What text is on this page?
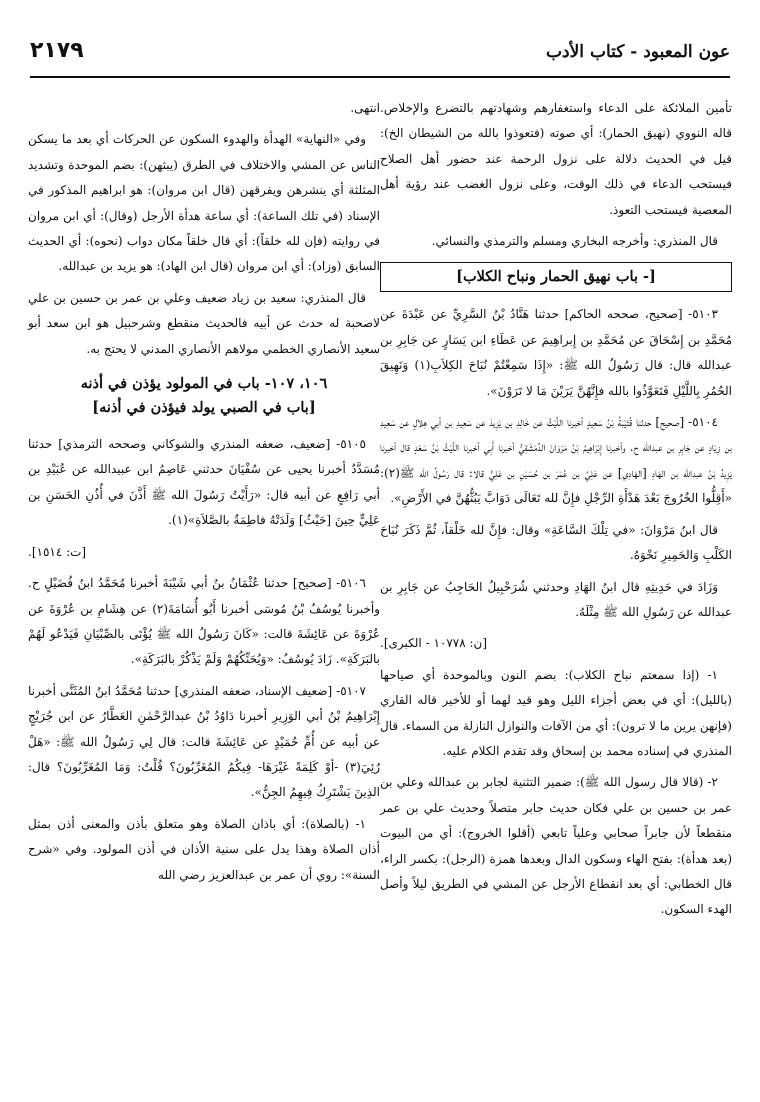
عون المعبود - كتاب الأدب
٢١٧٩

تأمين الملائكة على الدعاء واستغفارهم وشهادتهم بالتضرع والإخلاص. قاله النووي (نهيق الحمار): أي صوته (فتعوذوا بالله من الشيطان الخ): قيل في الحديث دلالة على نزول الرحمة عند حضور أهل الصلاح فيستحب الدعاء في ذلك الوقت، وعلى نزول الغضب عند رؤية أهل المعصية فيستحب التعوذ.

قال المنذري: وأخرجه البخاري ومسلم والترمذي والنسائي.

[- باب نهيق الحمار ونباح الكلاب]

٥١٠٣- [صحيح، صححه الحاكم] حدثنا هَنَّادُ بْنُ السَّرِيِّ عن عَبْدَةَ عن مُحَمَّدِ بن إِسْحَاقَ عن مُحَمَّدِ بن إِبراهِيمَ عن عَطَاءِ ابن يَسَارٍ عن جَابِرِ بن عبدالله قال: قال رَسُولُ الله ﷺ: «إِذَا سَمِعْتُمْ نُبَاحَ الكِلاَبِ(١) وَنَهِيقَ الحُمُرِ بِاللَّيْلِ فَتَعَوَّذُوا بالله فإِنَّهُنَّ يَرَيْنَ مَا لا تَرَوْنَ».

٥١٠٤- [صحيح] حدثنا قُتَيْبَةُ بْنُ سَعِيدٍ أخبرنا اللَّيْثُ عن خَالِدِ بن يَزِيدَ عن سَعِيدِ بن أبي هِلاَلٍ عن سَعِيدِ بن زِيَادٍ عن جَابِرِ بن عبدالله ح. وأخبرنا إِبْرَاهِيمُ بْنُ مَرْوَانَ الدِّمَشْقِيُّ أخبرنا أَبِي أخبرنا اللَّيْثُ بْنُ سَعْدٍ قال أخبرنا يَزِيدُ بْنُ عبدالله بن الهَادِ [الهَادِي] عن عَلِيِّ بن عُمَرَ بن حُسَيْنِ بن عَلِيٍّ قالا: قال رَسُولُ الله ﷺ(٢): «أَقِلُّوا الخُرُوجَ بَعْدَ هَدْأَةِ الرِّجْلِ فإِنَّ لله تَعَالَى دَوَابَّ يَبُثُّهُنَّ في الأَرْضِ».

قال ابنُ مَرْوَانَ: «في تِلْكَ السَّاعَةِ» وقال: فإِنَّ لله خَلْقاً، ثُمَّ ذَكَرَ نُبَاحَ الكَلْبِ وَالحَمِيرِ نَحْوَهُ.

وَزَادَ في حَدِيثِهِ قال ابنُ الهَادِ وحدثني شُرَحْبِيلُ الحَاجِبُ عن جَابِرِ بن عبدالله عن رَسُولِ الله ﷺ مِثْلَهُ.

[ن: ١٠٧٧٨ - الكبرى].

١- (إذا سمعتم نباح الكلاب): بضم النون وبالموحدة أي صياحها (بالليل): أي في بعض أجزاء الليل وهو قيد لهما أو للأخير قاله القاري (فإنهن يرين ما لا ترون): أي من الآفات والنوازل النازلة من السماء. قال المنذري في إسناده محمد بن إسحاق وقد تقدم الكلام عليه.

٢- (قالا قال رسول الله ﷺ): ضمير التثنية لجابر بن عبدالله وعلي بن عمر بن حسين بن علي فكان حديث جابر متصلاً وحديث علي بن عمر منقطعاً لأن جابراً صحابي وعلياً تابعي (أقلوا الخروج): أي من البيوت (بعد هدأة): بفتح الهاء وسكون الدال وبعدها همزة (الرجل): بكسر الراء، قال الخطابي: أي بعد انقطاع الأرجل عن المشي في الطريق ليلاً وأصل الهدء السكون.

انتهى.

وفي «النهاية» الهدأة والهدوء السكون عن الحركات أي بعد ما يسكن الناس عن المشي والاختلاف في الطرق (يبثهن): بضم الموحدة وتشديد المثلثة أي ينشرهن ويفرقهن (قال ابن مروان): هو ابراهيم المذكور في الإسناد (في تلك الساعة): أي ساعة هدأة الأرجل (وقال): أي ابن مروان في روايته (فإن لله خلقاً): أي قال خلقاً مكان دواب (نحوه): أي الحديث السابق (وزاد): أي ابن مروان (قال ابن الهاد): هو يزيد بن عبدالله.

قال المنذري: سعيد بن زياد ضعيف وعلي بن عمر بن حسين بن علي لاصحبة له حدث عن أبيه فالحديث منقطع وشرحبيل هو ابن سعد أبو سعيد الأنصاري الخطمي مولاهم الأنصاري المدني لا يحتج به.

١٠٦، ١٠٧- باب في المولود يؤذن في أذنه
[باب في الصبي يولد فيؤذن في أذنه]

٥١٠٥- [ضعيف، ضعفه المنذري والشوكاني وصححه الترمذي] حدثنا مُسَدَّدٌ أخبرنا يحيى عن سُفْيَانَ حدثني عَاصِمُ ابن عبيدالله عن عُبَيْدِ بن أبي رَافِعٍ عن أبيه قال: «رَأَيْتُ رَسُولَ الله ﷺ أَذَّنَ في أُذُنِ الحَسَنِ بن عَلِيٍّ حِينَ [حَيْثُ] وَلَدَتْهُ فاطِمَةُ بالصَّلاَةِ»(١).

[ت: ١٥١٤].

٥١٠٦- [صحيح] حدثنا عُثْمَانُ بنُ أبي شَيْبَةَ أخبرنا مُحَمَّدُ ابنُ فُضَيْلٍ ح. وأخبرنا يُوسُفُ بْنُ مُوسَى أخبرنا أَبُو أُسَامَةَ(٢) عن هِشَامِ بن عُرْوَةَ عن عُرْوَةَ عن عَائِشَةَ قالت: «كَانَ رَسُولُ الله ﷺ يُؤْتَى بالصِّبْيَانِ فَيَدْعُو لَهُمْ بالبَرَكَةِ». زَادَ يُوسُفُ: «وَيُحَنِّكُهُمْ وَلَمْ يَذْكُرْ بالبَرَكَةِ».

٥١٠٧- [ضعيف الإسناد، ضعفه المنذري] حدثنا مُحَمَّدُ ابنُ المُثَنَّى أخبرنا إِبْرَاهِيمُ بْنُ أبي الوَزِيرِ أخبرنا دَاوُدُ بْنُ عبدالرَّحْمٰنِ العَطَّارُ عن ابن جُرَيْجٍ عن أبيه عن أُمِّ حُمَيْدٍ عن عَائِشَةَ قالت: قال لِي رَسُولُ الله ﷺ: «هَلْ رُئِيَ(٣) -أوْ كَلِمَةً غَيْرَهَا- فِيكُمُ المُغَرِّبُونَ؟ قُلْتُ: وَمَا المُغَرِّبُونَ؟ قال: الذِينَ يَشْتَرِكُ فِيهِمُ الجِنُّ».

١- (بالصلاة): أي باذان الصلاة وهو متعلق بأذن والمعنى أذن بمثل أذان الصلاة وهذا يدل على سنية الأذان في أذن المولود. وفي «شرح السنة»: روي أن عمر بن عبدالعزيز رضي الله
